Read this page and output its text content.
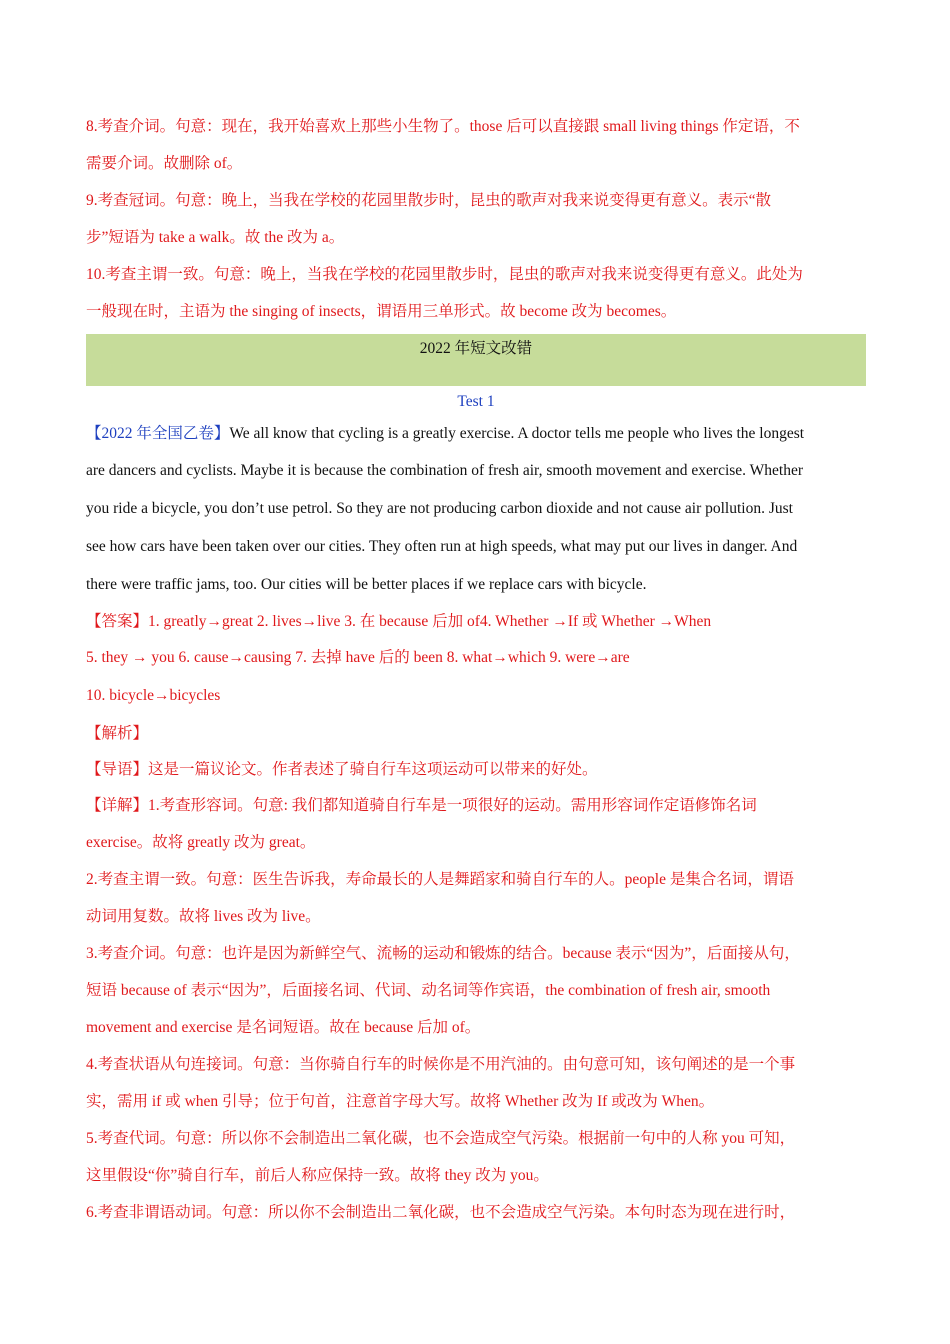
8.考查介词。句意：现在，我开始喜欢上那些小生物了。those 后可以直接跟 small living things 作定语，不
需要介词。故删除 of。
9.考查冠词。句意：晚上，当我在学校的花园里散步时，昆虫的歌声对我来说变得更有意义。表示“散
步”短语为 take a walk。故 the 改为 a。
10.考查主谓一致。句意：晚上，当我在学校的花园里散步时，昆虫的歌声对我来说变得更有意义。此处为
一般现在时，主语为 the singing of insects，谓语用三单形式。故 become 改为 becomes。
2022 年短文改错
Test 1
【2022 年全国乙卷】We all know that cycling is a greatly exercise. A doctor tells me people who lives the longest
are dancers and cyclists. Maybe it is because the combination of fresh air, smooth movement and exercise. Whether
you ride a bicycle, you don’t use petrol. So they are not producing carbon dioxide and not cause air pollution. Just
see how cars have been taken over our cities. They often run at high speeds, what may put our lives in danger. And
there were traffic jams, too. Our cities will be better places if we replace cars with bicycle.
【答案】1. greatly→great 2. lives→live 3. 在 because 后加 of4. Whether →If 或 Whether →When
5. they → you 6. cause→causing 7. 去掉 have 后的 been 8. what→which 9. were→are
10. bicycle→bicycles
【解析】
【导语】这是一篇议论文。作者表述了骑自行车这项运动可以带来的好处。
【详解】1.考查形容词。句意: 我们都知道骑自行车是一项很好的运动。需用形容词作定语修饰名词
exercise。故将 greatly 改为 great。
2.考查主谓一致。句意：医生告诉我，寿命最长的人是舞蹈家和骑自行车的人。people 是集合名词，谓语
动词用复数。故将 lives 改为 live。
3.考查介词。句意：也许是因为新鲜空气、流畅的运动和锻炼的结合。because 表示“因为”，后面接从句，
短语 because of 表示“因为”，后面接名词、代词、动名词等作宾语，the combination of fresh air, smooth
movement and exercise 是名词短语。故在 because 后加 of。
4.考查状语从句连接词。句意：当你骑自行车的时候你是不用汽油的。由句意可知，该句阐述的是一个事
实，需用 if 或 when 引导；位于句首，注意首字母大写。故将 Whether 改为 If 或改为 When。
5.考查代词。句意：所以你不会制造出二氧化碳，也不会造成空气污染。根据前一句中的人称 you 可知，
这里假设“你”骑自行车，前后人称应保持一致。故将 they 改为 you。
6.考查非谓语动词。句意：所以你不会制造出二氧化碳，也不会造成空气污染。本句时态为现在进行时，
